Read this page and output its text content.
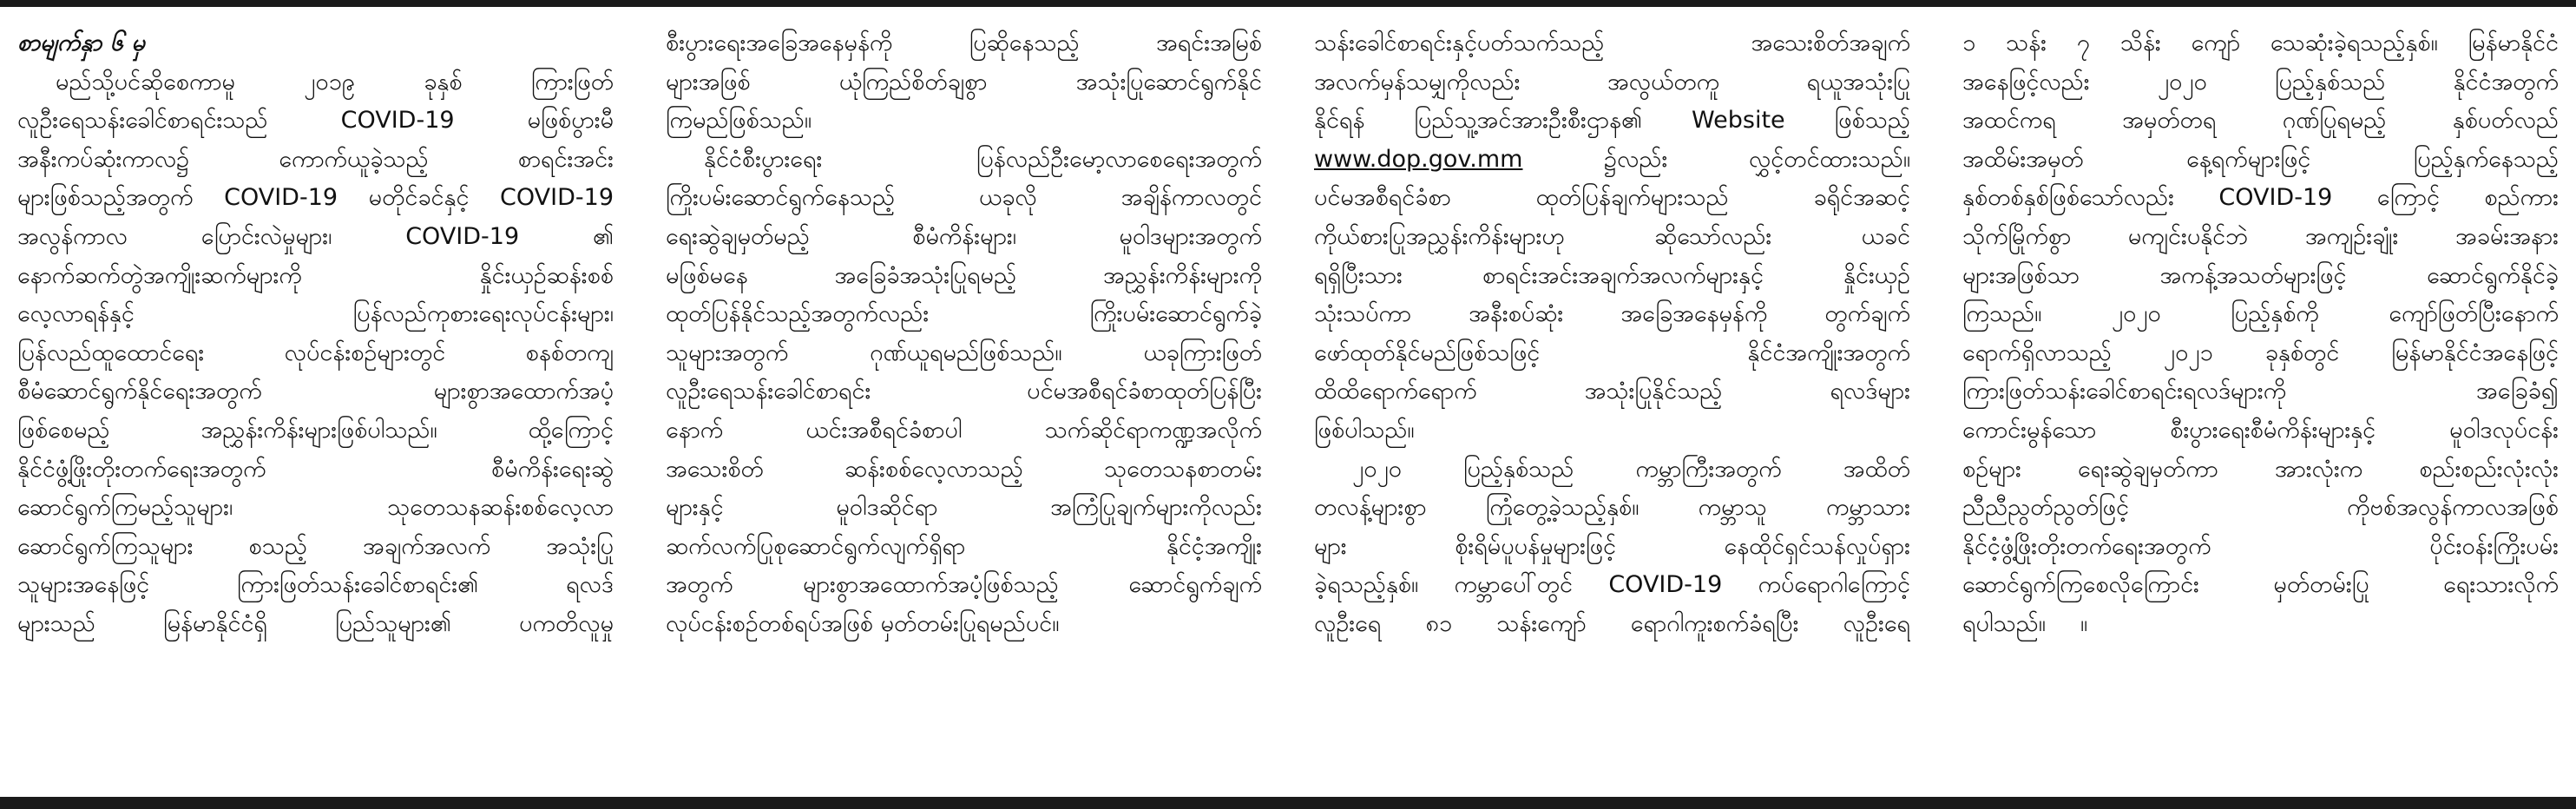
စာမျက်နှာ ၆ မှ
မည်သို့ပင်ဆိုစေကာမူ ၂၀၁၉ ခုနှစ် ကြားဖြတ်
လူဦးရေသန်းခေါင်စာရင်းသည် COVID-19 မဖြစ်ပွားမီ
အနီးကပ်ဆုံးကာလ၌ ကောက်ယူခဲ့သည့် စာရင်းအင်း
များဖြစ်သည့်အတွက် COVID-19 မတိုင်ခင်နှင့် COVID-19
အလွန်ကာလ ပြောင်းလဲမှုများ၊ COVID-19 ၏
နောက်ဆက်တွဲအကျိုးဆက်များကို နှိုင်းယှဉ်ဆန်းစစ်
လေ့လာရန်နှင့် ပြန်လည်ကုစားရေးလုပ်ငန်းများ၊
ပြန်လည်ထူထောင်ရေး လုပ်ငန်းစဉ်များတွင် စနစ်တကျ
စီမံဆောင်ရွက်နိုင်ရေးအတွက် များစွာအထောက်အပံ့
ဖြစ်စေမည့် အညွှန်းကိန်းများဖြစ်ပါသည်။ ထို့ကြောင့်
နိုင်ငံဖွံ့ဖြိုးတိုးတက်ရေးအတွက် စီမံကိန်းရေးဆွဲ
ဆောင်ရွက်ကြမည့်သူများ၊ သုတေသနဆန်းစစ်လေ့လာ
ဆောင်ရွက်ကြသူများ စသည့် အချက်အလက် အသုံးပြု
သူများအနေဖြင့် ကြားဖြတ်သန်းခေါင်စာရင်း၏ ရလဒ်
များသည် မြန်မာနိုင်ငံရှိ ပြည်သူများ၏ ပကတိလူမှု
စီးပွားရေးအခြေအနေမှန်ကို ပြဆိုနေသည့် အရင်းအမြစ်
များအဖြစ် ယုံကြည်စိတ်ချစွာ အသုံးပြုဆောင်ရွက်နိုင်
ကြမည်ဖြစ်သည်။
နိုင်ငံစီးပွားရေး ပြန်လည်ဦးမော့လာစေရေးအတွက်
ကြိုးပမ်းဆောင်ရွက်နေသည့် ယခုလို အချိန်ကာလတွင်
ရေးဆွဲချမှတ်မည့် စီမံကိန်းများ၊ မူဝါဒများအတွက်
မဖြစ်မနေ အခြေခံအသုံးပြုရမည့် အညွှန်းကိန်းများကို
ထုတ်ပြန်နိုင်သည့်အတွက်လည်း ကြိုးပမ်းဆောင်ရွက်ခဲ့
သူများအတွက် ဂုဏ်ယူရမည်ဖြစ်သည်။ ယခုကြားဖြတ်
လူဦးရေသန်းခေါင်စာရင်း ပင်မအစီရင်ခံစာထုတ်ပြန်ပြီး
နောက် ယင်းအစီရင်ခံစာပါ သက်ဆိုင်ရာကဏ္ဍအလိုက်
အသေးစိတ် ဆန်းစစ်လေ့လာသည့် သုတေသနစာတမ်း
များနှင့် မူဝါဒဆိုင်ရာ အကြံပြုချက်များကိုလည်း
ဆက်လက်ပြုစုဆောင်ရွက်လျက်ရှိရာ နိုင်ငံ့အကျိုး
အတွက် များစွာအထောက်အပံ့ဖြစ်သည့် ဆောင်ရွက်ချက်
လုပ်ငန်းစဉ်တစ်ရပ်အဖြစ် မှတ်တမ်းပြုရမည်ပင်။
သန်းခေါင်စာရင်းနှင့်ပတ်သက်သည့် အသေးစိတ်အချက်
အလက်မှန်သမျှကိုလည်း အလွယ်တကူ ရယူအသုံးပြု
နိုင်ရန် ပြည်သူ့အင်အားဦးစီးဌာန၏ Website ဖြစ်သည့်
www.dop.gov.mm	၌လည်း လွှင့်တင်ထားသည်။
ပင်မအစီရင်ခံစာ ထုတ်ပြန်ချက်များသည် ခရိုင်အဆင့်
ကိုယ်စားပြုအညွှန်းကိန်းများဟု ဆိုသော်လည်း ယခင်
ရရှိပြီးသား စာရင်းအင်းအချက်အလက်များနှင့် နှိုင်းယှဉ်
သုံးသပ်ကာ အနီးစပ်ဆုံး အခြေအနေမှန်ကို တွက်ချက်
ဖော်ထုတ်နိုင်မည်ဖြစ်သဖြင့် နိုင်ငံအကျိုးအတွက်
ထိထိရောက်ရောက် အသုံးပြုနိုင်သည့် ရလဒ်များ
ဖြစ်ပါသည်။
၂၀၂၀ ပြည့်နှစ်သည် ကမ္ဘာကြီးအတွက် အထိတ်
တလန့်များစွာ ကြုံတွေ့ခဲ့သည့်နှစ်။ ကမ္ဘာသူ ကမ္ဘာသား
များ စိုးရိမ်ပူပန်မှုများဖြင့် နေထိုင်ရှင်သန်လှုပ်ရှား
ခဲ့ရသည့်နှစ်။ ကမ္ဘာပေါ်တွင် COVID-19 ကပ်ရောဂါကြောင့်
လူဦးရေ ၈၁ သန်းကျော် ရောဂါကူးစက်ခံရပြီး လူဦးရေ
၁ သန်း ၇ သိန်း ကျော် သေဆုံးခဲ့ရသည့်နှစ်။ မြန်မာနိုင်ငံ
အနေဖြင့်လည်း ၂၀၂၀ ပြည့်နှစ်သည် နိုင်ငံအတွက်
အထင်ကရ အမှတ်တရ ဂုဏ်ပြုရမည့် နှစ်ပတ်လည်
အထိမ်းအမှတ် နေ့ရက်များဖြင့် ပြည့်နှက်နေသည့်
နှစ်တစ်နှစ်ဖြစ်သော်လည်း COVID-19 ကြောင့် စည်ကား
သိုက်မြိုက်စွာ မကျင်းပနိုင်ဘဲ အကျဉ်းချုံး အခမ်းအနား
များအဖြစ်သာ အကန့်အသတ်များဖြင့် ဆောင်ရွက်နိုင်ခဲ့
ကြသည်။ ၂၀၂၀ ပြည့်နှစ်ကို ကျော်ဖြတ်ပြီးနောက်
ရောက်ရှိလာသည့် ၂၀၂၁ ခုနှစ်တွင် မြန်မာနိုင်ငံအနေဖြင့်
ကြားဖြတ်သန်းခေါင်စာရင်းရလဒ်များကို အခြေခံ၍
ကောင်းမွန်သော စီးပွားရေးစီမံကိန်းများနှင့် မူဝါဒလုပ်ငန်း
စဉ်များ ရေးဆွဲချမှတ်ကာ အားလုံးက စည်းစည်းလုံးလုံး
ညီညီညွတ်ညွတ်ဖြင့် ကိုဗစ်အလွန်ကာလအဖြစ်
နိုင်ငံ့ဖွံ့ဖြိုးတိုးတက်ရေးအတွက် ပိုင်းဝန်းကြိုးပမ်း
ဆောင်ရွက်ကြစေလိုကြောင်း မှတ်တမ်းပြု ရေးသားလိုက်
ရပါသည်။ ။
